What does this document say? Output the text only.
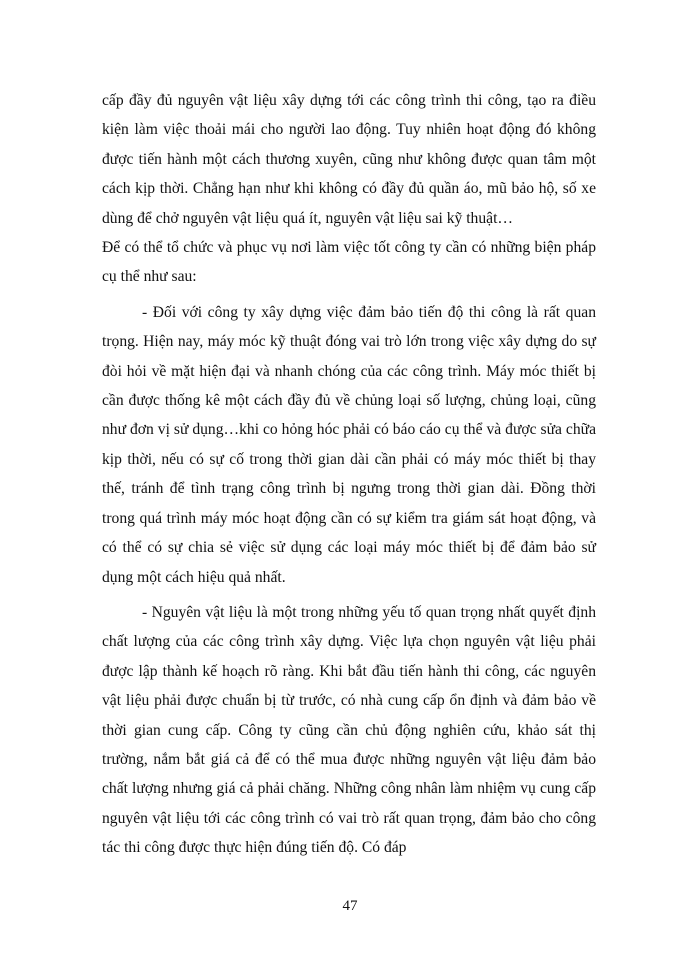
cấp đầy đủ nguyên vật liệu xây dựng tới các công trình thi công, tạo ra điều kiện làm việc thoải mái cho người lao động. Tuy nhiên hoạt động đó không được tiến hành một cách thương xuyên, cũng như không được quan tâm một cách kịp thời. Chẳng hạn như khi không có đầy đủ quần áo, mũ bảo hộ, số xe dùng để chở nguyên vật liệu quá ít, nguyên vật liệu sai kỹ thuật…

Để có thể tổ chức và phục vụ nơi làm việc tốt công ty cần có những biện pháp cụ thể như sau:

- Đối với công ty xây dựng việc đảm bảo tiến độ thi công là rất quan trọng. Hiện nay, máy móc kỹ thuật đóng vai trò lớn trong việc xây dựng do sự đòi hỏi về mặt hiện đại và nhanh chóng của các công trình. Máy móc thiết bị cần được thống kê một cách đầy đủ về chủng loại số lượng, chủng loại, cũng như đơn vị sử dụng…khi co hỏng hóc phải có báo cáo cụ thể và được sửa chữa kịp thời, nếu có sự cố trong thời gian dài cần phải có máy móc thiết bị thay thế, tránh để tình trạng công trình bị ngưng trong thời gian dài. Đồng thời trong quá trình máy móc hoạt động cần có sự kiểm tra giám sát hoạt động, và có thể có sự chia sẻ việc sử dụng các loại máy móc thiết bị để đảm bảo sử dụng một cách hiệu quả nhất.

- Nguyên vật liệu là một trong những yếu tố quan trọng nhất quyết định chất lượng của các công trình xây dựng. Việc lựa chọn nguyên vật liệu phải được lập thành kế hoạch rõ ràng. Khi bắt đầu tiến hành thi công, các nguyên vật liệu phải được chuẩn bị từ trước, có nhà cung cấp ổn định và đảm bảo về thời gian cung cấp. Công ty cũng cần chủ động nghiên cứu, khảo sát thị trường, nắm bắt giá cả để có thể mua được những nguyên vật liệu đảm bảo chất lượng nhưng giá cả phải chăng. Những công nhân làm nhiệm vụ cung cấp nguyên vật liệu tới các công trình có vai trò rất quan trọng, đảm bảo cho công tác thi công được thực hiện đúng tiến độ. Có đáp

47
